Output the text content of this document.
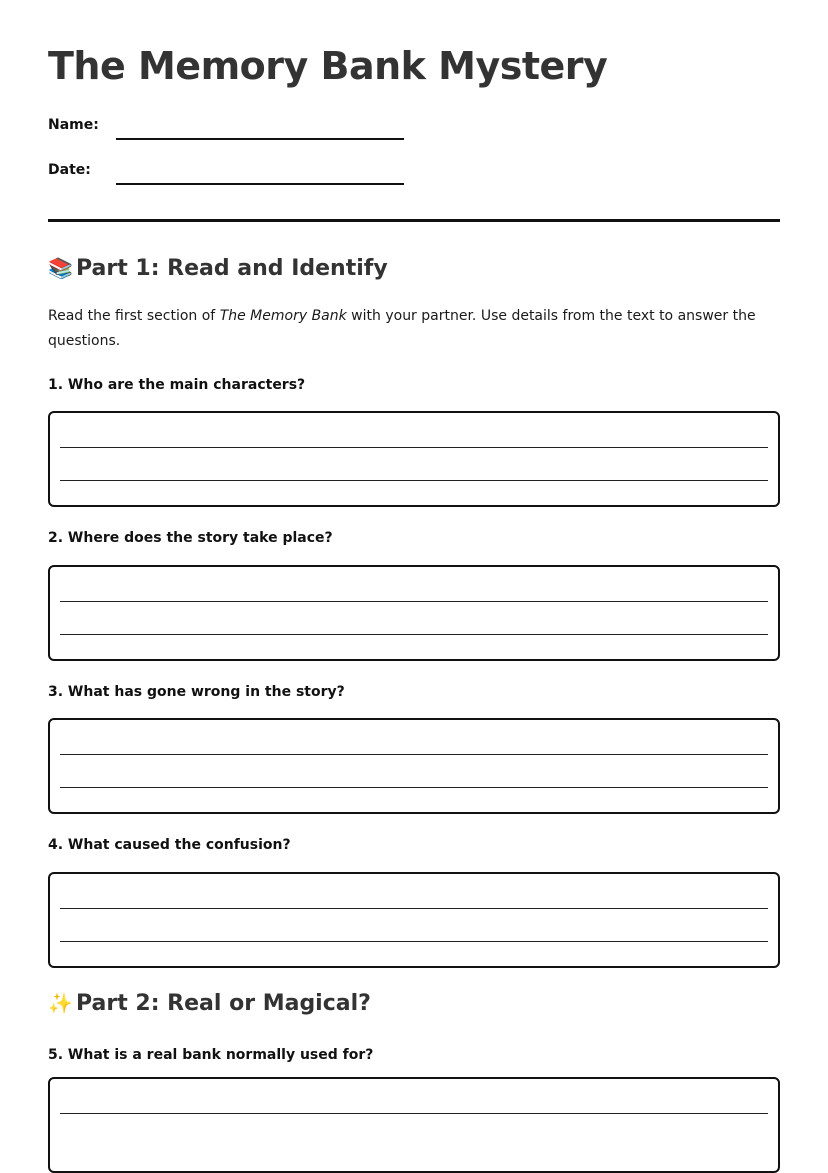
The Memory Bank Mystery
Name:
Date:
📚 Part 1: Read and Identify

Read the first section of The Memory Bank with your partner. Use details from the text to answer the questions.

1. Who are the main characters?

2. Where does the story take place?

3. What has gone wrong in the story?

4. What caused the confusion?

✨ Part 2: Real or Magical?

5. What is a real bank normally used for?
